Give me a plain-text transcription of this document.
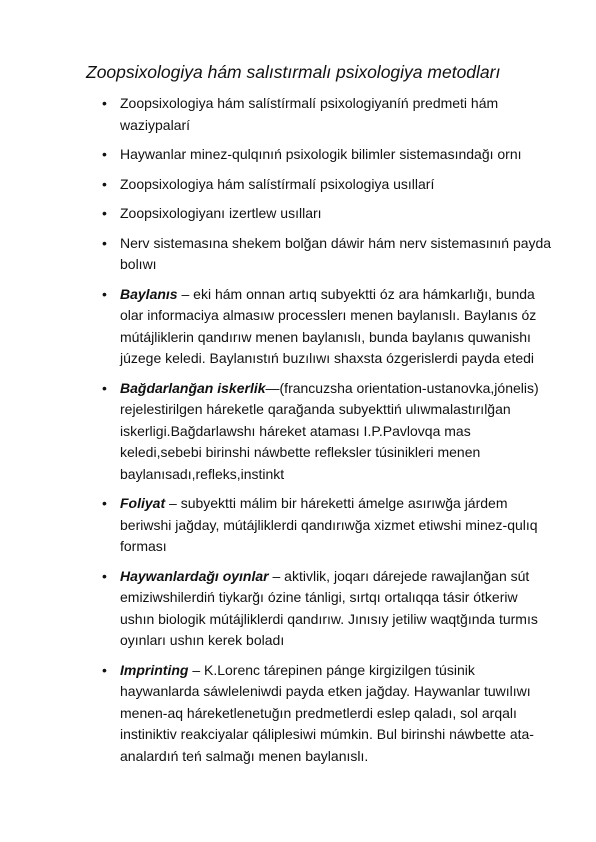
Zoopsixologiya hám salıstırmalı psixologiya metodları
• Zoopsixologiya hám salístírmalí psixologiyaníń predmeti hám waziypalarí
• Haywanlar minez-qulqınıń psixologik bilimler sistemasındağı ornı
• Zoopsixologiya hám salístírmalí psixologiya usıllarí
• Zoopsixologiyanı izertlew usılları
• Nerv sistemasına shekem bolğan dáwir hám nerv sistemasınıń payda bolıwı
• Baylanıs – eki hám onnan artıq subyektti óz ara hámkarlığı, bunda olar informaciya almasıw processlerı menen baylanıslı. Baylanıs óz mútájliklerin qandırıw menen baylanıslı, bunda baylanıs quwanishı júzege keledi. Baylanıstıń buzılıwı shaxsta ózgerislerdi payda etedi
• Bağdarlanğan iskerlik—(francuzsha orientation-ustanovka,jónelis) rejelestirilgen háreketle qarağanda subyekttiń ulıwmalastırılğan iskerligi.Bağdarlawshı háreket ataması I.P.Pavlovqa mas keledi,sebebi birinshi náwbette refleksler túsinikleri menen baylanısadı,refleks,instinkt
• Foliyat – subyektti málim bir háreketti ámelge asırıwğa járdem beriwshi jağday, mútájliklerdi qandırıwğa xizmet etiwshi minez-qulıq forması
• Haywanlardağı oyınlar – aktivlik, joqarı dárejede rawajlanğan sút emiziwshilerdiń tiykarğı ózine tánligi, sırtqı ortalıqqa tásir ótkeriw ushın biologik mútájliklerdi qandırıw. Jınısıy jetiliw waqtğında turmıs oyınları ushın kerek boladı
• Imprinting – K.Lorenc tárepinen pánge kirgizilgen túsinik haywanlarda sáwleleniwdi payda etken jağday. Haywanlar tuwılıwı menen-aq háreketlenetuğın predmetlerdi eslep qaladı, sol arqalı instiniktiv reakciyalar qáliplesiwi múmkin. Bul birinshi náwbette ata-analardıń teń salmağı menen baylanıslı.
